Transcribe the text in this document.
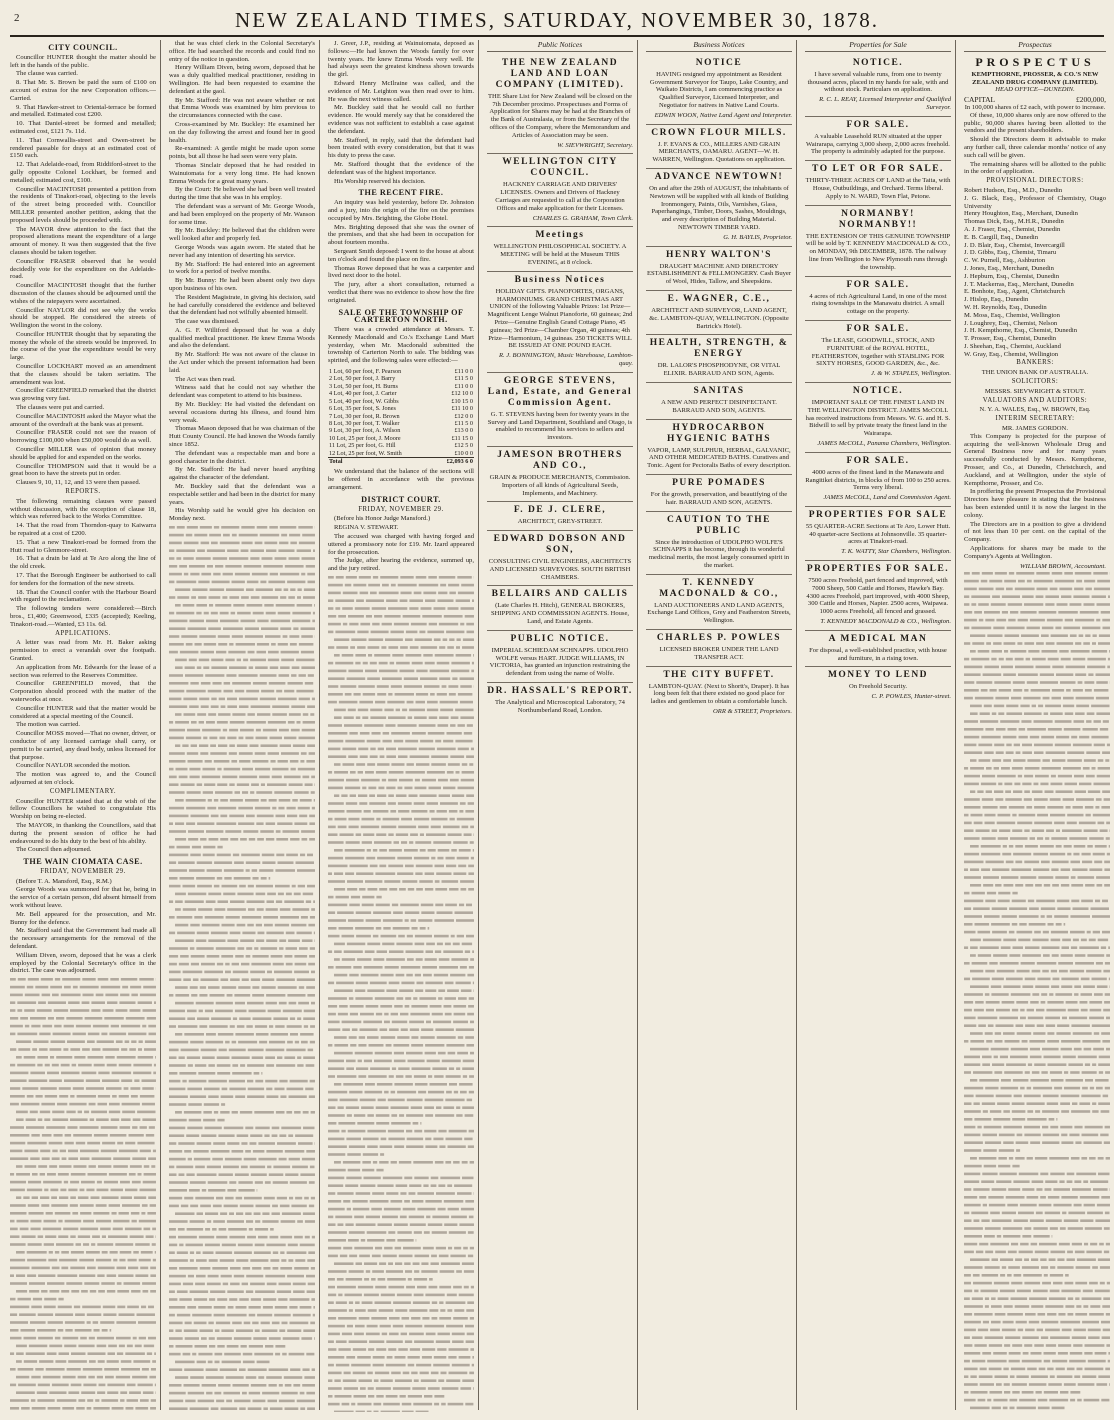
2	NEW ZEALAND TIMES, SATURDAY, NOVEMBER 30, 1878.
CITY COUNCIL.

Councillor HUNTER thought the matter should be left in the hands of the public.

The clause was carried.

8. That Mr. S. Brown be paid the sum of £100 on account of extras for the new Corporation offices.—Carried.

9. That Hawker-street to Oriental-terrace be formed and metalled. Estimated cost £200.

10. That Daniel-street be formed and metalled; estimated cost, £121 7s. 11d.

11. That Cornwallis-street and Owen-street be rendered passable for drays at an estimated cost of £150 each.

12. That Adelaide-road, from Riddiford-street to the gully opposite Colonel Lockhart, be formed and metalled; estimated cost, £100.

Councillor MACINTOSH presented a petition from the residents of Tinakori-road, objecting to the levels of the street being proceeded with. Councillor MILLER presented another petition, asking that the proposed levels should be proceeded with.

The MAYOR drew attention to the fact that the proposed alterations meant the expenditure of a large amount of money. It was then suggested that the five clauses should be taken together.

Councillor FRASER observed that he would decidedly vote for the expenditure on the Adelaide-road.

Councillor MACINTOSH thought that the further discussion of the clauses should be adjourned until the wishes of the ratepayers were ascertained.

Councillor NAYLOR did not see why the works should be stopped. He considered the streets of Wellington the worst in the colony.

Councillor HUNTER thought that by separating the money the whole of the streets would be improved. In the course of the year the expenditure would be very large.

Councillor LOCKHART moved as an amendment that the clauses should be taken seriatim. The amendment was lost.

Councillor GREENFIELD remarked that the district was growing very fast.

The clauses were put and carried.

Councillor MACINTOSH asked the Mayor what the amount of the overdraft at the bank was at present.

Councillor FRASER could not see the reason of borrowing £100,000 when £50,000 would do as well.

Councillor MILLER was of opinion that money should be applied for and expended on the works.

Councillor THOMPSON said that it would be a great boon to have the streets put in order.

Clauses 9, 10, 11, 12, and 13 were then passed.

REPORTS.

The following remaining clauses were passed without discussion, with the exception of clause 18, which was referred back to the Works Committee.

14. That the road from Thorndon-quay to Kaiwarra be repaired at a cost of £200.

15. That a new Tinakori-road be formed from the Hutt road to Glenmore-street.

16. That a drain be laid at Te Aro along the line of the old creek.

17. That the Borough Engineer be authorised to call for tenders for the formation of the new streets.

18. That the Council confer with the Harbour Board with regard to the reclamation.

The following tenders were considered:—Birch bros., £1,400; Greenwood, £335 (accepted); Keeling, Tinakori-road.—Wanted, £3 11s. 6d.

APPLICATIONS.

A letter was read from Mr. H. Baker asking permission to erect a verandah over the footpath. Granted.

An application from Mr. Edwards for the lease of a section was referred to the Reserves Committee.

Councillor GREENFIELD moved, that the Corporation should proceed with the matter of the waterworks at once.

Councillor HUNTER said that the matter would be considered at a special meeting of the Council.

The motion was carried.

Councillor MOSS moved—That no owner, driver, or conductor of any licensed carriage shall carry, or permit to be carried, any dead body, unless licensed for that purpose.

Councillor NAYLOR seconded the motion.

The motion was agreed to, and the Council adjourned at ten o'clock.

COMPLIMENTARY.

Councillor HUNTER stated that at the wish of the fellow Councillors he wished to congratulate His Worship on being re-elected.

The MAYOR, in thanking the Councillors, said that during the present session of office he had endeavoured to do his duty to the best of his ability.

The Council then adjourned.

THE WAIN CIOMATA CASE.
FRIDAY, NOVEMBER 29.

(Before T. A. Mansford, Esq., R.M.)

George Woods was summoned for that he, being in the service of a certain person, did absent himself from work without leave.

Mr. Bell appeared for the prosecution, and Mr. Bunny for the defence.

Mr. Stafford said that the Government had made all the necessary arrangements for the removal of the defendant.

William Diven, sworn, deposed that he was a clerk employed by the Colonial Secretary's office in the district. The case was adjourned.

that he was chief clerk in the Colonial Secretary's office. He had searched the records and could find no entry of the notice in question.

Henry William Diven, being sworn, deposed that he was a duly qualified medical practitioner, residing in Wellington. He had been requested to examine the defendant at the gaol.

By Mr. Stafford: He was not aware whether or not that Emma Woods was examined by him previous to the circumstances connected with the case.

Cross-examined by Mr. Buckley: He examined her on the day following the arrest and found her in good health.

Re-examined: A gentle might be made upon some points, but all those he had seen were very plain.

Thomas Sinclair deposed that he had resided in Wainuiomata for a very long time. He had known Emma Woods for a great many years.

By the Court: He believed she had been well treated during the time that she was in his employ.

The defendant was a servant of Mr. George Woods, and had been employed on the property of Mr. Wanson for some time.

By Mr. Buckley: He believed that the children were well looked after and properly fed.

George Woods was again sworn. He stated that he never had any intention of deserting his service.

By Mr. Stafford: He had entered into an agreement to work for a period of twelve months.

By Mr. Bunny: He had been absent only two days upon business of his own.

The Resident Magistrate, in giving his decision, said he had carefully considered the evidence and believed that the defendant had not wilfully absented himself.

The case was dismissed.

A. G. F. Williford deposed that he was a duly qualified medical practitioner. He knew Emma Woods and also the defendant.

By Mr. Stafford: He was not aware of the clause in the Act under which the present information had been laid.

The Act was then read.

Witness said that he could not say whether the defendant was competent to attend to his business.

By Mr. Buckley: He had visited the defendant on several occasions during his illness, and found him very weak.

Thomas Mason deposed that he was chairman of the Hutt County Council. He had known the Woods family since 1852.

The defendant was a respectable man and bore a good character in the district.

By Mr. Stafford: He had never heard anything against the character of the defendant.

Mr. Buckley said that the defendant was a respectable settler and had been in the district for many years.

His Worship said he would give his decision on Monday next.

J. Greer, J.P., residing at Wainuiomata, deposed as follows:—He had known the Woods family for over twenty years. He knew Emma Woods very well. He had always seen the greatest kindness shown towards the girl.

Edward Henry McIlraine was called, and the evidence of Mr. Leighton was then read over to him. He was the next witness called.

Mr. Buckley said that he would call no further evidence. He would merely say that he considered the evidence was not sufficient to establish a case against the defendant.

Mr. Stafford, in reply, said that the defendant had been treated with every consideration, but that it was his duty to press the case.

Mr. Stafford thought that the evidence of the defendant was of the highest importance.

His Worship reserved his decision.

THE RECENT FIRE.

An inquiry was held yesterday, before Dr. Johnston and a jury, into the origin of the fire on the premises occupied by Mrs. Brighting, the Globe Hotel.

Mrs. Brighting deposed that she was the owner of the premises, and that she had been in occupation for about fourteen months.

Sergeant Smith deposed: I went to the house at about ten o'clock and found the place on fire.

Thomas Rowe deposed that he was a carpenter and lived next door to the hotel.

The jury, after a short consultation, returned a verdict that there was no evidence to show how the fire originated.

SALE OF THE TOWNSHIP OF CARTERTON NORTH.

There was a crowded attendance at Messrs. T. Kennedy Macdonald and Co.'s Exchange Land Mart yesterday, when Mr. Macdonald submitted the township of Carterton North to sale. The bidding was spirited, and the following sales were effected:—

1 Lot, 60 per foot, F. Pearson	£11 0 0
2 Lot, 50 per foot, J. Barry	£11 5 0
3 Lot, 50 per foot, H. Burns	£11 0 0
4 Lot, 40 per foot, J. Carter	£12 10 0
5 Lot, 40 per foot, W. Gibbs	£10 15 0
6 Lot, 35 per foot, S. Jones	£11 10 0
7 Lot, 30 per foot, R. Brown	£12 0 0
8 Lot, 30 per foot, T. Walker	£11 5 0
9 Lot, 30 per foot, A. Wilson	£13 0 0
10 Lot, 25 per foot, J. Moore	£11 15 0
11 Lot, 25 per foot, G. Hill	£12 5 0
12 Lot, 25 per foot, W. Smith	£10 0 0
Total	£2,093 6 0

We understand that the balance of the sections will be offered in accordance with the previous arrangement.

DISTRICT COURT.
FRIDAY, NOVEMBER 29.

(Before his Honor Judge Mansford.)

REGINA V. STEWART.

The accused was charged with having forged and uttered a promissory note for £19. Mr. Izard appeared for the prosecution.

The Judge, after hearing the evidence, summed up, and the jury retired.

Public Notices
THE NEW ZEALAND LAND AND LOAN COMPANY (LIMITED).
THE Share List for New Zealand will be closed on the 7th December proximo. Prospectuses and Forms of Application for Shares may be had at the Branches of the Bank of Australasia, or from the Secretary of the offices of the Company, where the Memorandum and Articles of Association may be seen.
W. SIEVWRIGHT, Secretary.
WELLINGTON CITY COUNCIL.
HACKNEY CARRIAGE AND DRIVERS' LICENSES. Owners and Drivers of Hackney Carriages are requested to call at the Corporation Offices and make application for their Licenses.
CHARLES G. GRAHAM, Town Clerk.
Meetings
WELLINGTON PHILOSOPHICAL SOCIETY. A MEETING will be held at the Museum THIS EVENING, at 8 o'clock.
Business Notices
HOLIDAY GIFTS. PIANOFORTES, ORGANS, HARMONIUMS. GRAND CHRISTMAS ART UNION of the following Valuable Prizes: 1st Prize—Magnificent Lenge Walnut Pianoforte, 60 guineas; 2nd Prize—Genuine English Grand Cottage Piano, 45 guineas; 3rd Prize—Chamber Organ, 40 guineas; 4th Prize—Harmonium, 14 guineas. 250 TICKETS WILL BE ISSUED AT ONE POUND EACH.
R. J. BONNINGTON, Music Warehouse, Lambton-quay.
GEORGE STEVENS, Land, Estate, and General Commission Agent.
G. T. STEVENS having been for twenty years in the Survey and Land Department, Southland and Otago, is enabled to recommend his services to sellers and investors.
JAMESON BROTHERS AND CO.,
GRAIN & PRODUCE MERCHANTS, Commission. Importers of all kinds of Agricultural Seeds, Implements, and Machinery.
F. DE J. CLERE,
ARCHITECT, GREY-STREET.
EDWARD DOBSON AND SON,
CONSULTING CIVIL ENGINEERS, ARCHITECTS AND LICENSED SURVEYORS. SOUTH BRITISH CHAMBERS.
BELLAIRS AND CALLIS
(Late Charles H. Hitch), GENERAL BROKERS, SHIPPING AND COMMISSION AGENTS. House, Land, and Estate Agents.
PUBLIC NOTICE.
IMPERIAL SCHIEDAM SCHNAPPS. UDOLPHO WOLFE versus HART. JUDGE WILLIAMS, IN VICTORIA, has granted an injunction restraining the defendant from using the name of Wolfe.
DR. HASSALL'S REPORT.
The Analytical and Microscopical Laboratory, 74 Northumberland Road, London.
Business Notices
NOTICE
HAVING resigned my appointment as Resident Government Surveyor for Taupo, Lake Country, and Waikato Districts, I am commencing practice as Qualified Surveyor, Licensed Interpreter, and Negotiator for natives in Native Land Courts.
EDWIN WOON, Native Land Agent and Interpreter.
CROWN FLOUR MILLS.
J. F. EVANS & CO., MILLERS AND GRAIN MERCHANTS, OAMARU. AGENT—W. H. WARREN, Wellington. Quotations on application.
ADVANCE NEWTOWN!
On and after the 29th of AUGUST, the inhabitants of Newtown will be supplied with all kinds of Building Ironmongery, Paints, Oils, Varnishes, Glass, Paperhangings, Timber, Doors, Sashes, Mouldings, and every description of Building Material. NEWTOWN TIMBER YARD.
G. H. BAYLIS, Proprietor.
HENRY WALTON'S
DRAUGHT MACHINE AND DIRECTORY ESTABLISHMENT & FELLMONGERY. Cash Buyer of Wool, Hides, Tallow, and Sheepskins.
E. WAGNER, C.E.,
ARCHITECT AND SURVEYOR, LAND AGENT, &c. LAMBTON-QUAY, WELLINGTON. (Opposite Bartrick's Hotel).
HEALTH, STRENGTH, & ENERGY
DR. LALOR'S PHOSPHODYNE, OR VITAL ELIXIR. BARRAUD AND SON, Agents.
SANITAS
A NEW AND PERFECT DISINFECTANT. BARRAUD AND SON, AGENTS.
HYDROCARBON HYGIENIC BATHS
VAPOR, LAMP, SULPHUR, HERBAL, GALVANIC, AND OTHER MEDICATED BATHS. Curatives and Tonic. Agent for Pectoralis Baths of every description.
PURE POMADES
For the growth, preservation, and beautifying of the hair. BARRAUD AND SON, AGENTS.
CAUTION TO THE PUBLIC
Since the introduction of UDOLPHO WOLFE'S SCHNAPPS it has become, through its wonderful medicinal merits, the most largely consumed spirit in the market.
T. KENNEDY MACDONALD & CO.,
LAND AUCTIONEERS AND LAND AGENTS, Exchange Land Offices, Grey and Featherston Streets, Wellington.
CHARLES P. POWLES
LICENSED BROKER UNDER THE LAND TRANSFER ACT.
THE CITY BUFFET.
LAMBTON-QUAY. (Next to Shortt's, Draper). It has long been felt that there existed no good place for ladies and gentlemen to obtain a comfortable lunch.
ORR & STREET, Proprietors.
Properties for Sale
NOTICE.
I have several valuable runs, from one to twenty thousand acres, placed in my hands for sale, with and without stock. Particulars on application.
R. C. L. REAY, Licensed Interpreter and Qualified Surveyor.
FOR SALE.
A valuable Leasehold RUN situated at the upper Wairarapa, carrying 3,000 sheep, 2,000 acres freehold. The property is admirably adapted for the purpose.
TO LET OR FOR SALE.
THIRTY-THREE ACRES OF LAND at the Taita, with House, Outbuildings, and Orchard. Terms liberal. Apply to N. WARD, Town Flat, Petone.
NORMANBY! NORMANBY!!
THE EXTENSION OF THIS GENUINE TOWNSHIP will be sold by T. KENNEDY MACDONALD & CO., on MONDAY, 9th DECEMBER, 1878. The railway line from Wellington to New Plymouth runs through the township.
FOR SALE.
4 acres of rich Agricultural Land, in one of the most rising townships in the Manawatu district. A small cottage on the property.
FOR SALE.
The LEASE, GOODWILL, STOCK, AND FURNITURE of the ROYAL HOTEL, FEATHERSTON, together with STABLING FOR SIXTY HORSES, GOOD GARDEN, &c., &c.
J. & W. STAPLES, Wellington.
NOTICE.
IMPORTANT SALE OF THE FINEST LAND IN THE WELLINGTON DISTRICT. JAMES McCOLL has received instructions from Messrs. W. G. and H. S. Bidwill to sell by private treaty the finest land in the Wairarapa.
JAMES McCOLL, Panama Chambers, Wellington.
FOR SALE.
4000 acres of the finest land in the Manawatu and Rangitikei districts, in blocks of from 100 to 250 acres. Terms very liberal.
JAMES McCOLL, Land and Commission Agent.
PROPERTIES FOR SALE
55 QUARTER-ACRE Sections at Te Aro, Lower Hutt. 40 quarter-acre Sections at Johnsonville. 35 quarter-acres at Tinakori-road.
T. K. WATTY, Star Chambers, Wellington.
PROPERTIES FOR SALE.
7500 acres Freehold, part fenced and improved, with 7000 Sheep, 500 Cattle and Horses, Hawke's Bay. 4300 acres Freehold, part improved, with 4000 Sheep, 300 Cattle and Horses, Napier. 2500 acres, Waipawa. 1000 acres Freehold, all fenced and grassed.
T. KENNEDY MACDONALD & CO., Wellington.
A MEDICAL MAN
For disposal, a well-established practice, with house and furniture, in a rising town.
MONEY TO LEND
On Freehold Security.
C. P. POWLES, Hunter-street.
Prospectus
PROSPECTUS
KEMPTHORNE, PROSSER, & CO.'S NEW ZEALAND DRUG COMPANY (LIMITED).
HEAD OFFICE—DUNEDIN.
CAPITAL	£200,000,
In 100,000 shares of £2 each, with power to increase.

Of these, 10,000 shares only are now offered to the public, 90,000 shares having been allotted to the vendors and the present shareholders.

Should the Directors deem it advisable to make any further call, three calendar months' notice of any such call will be given.

The remaining shares will be allotted to the public in the order of application.

PROVISIONAL DIRECTORS:
Robert Hudson, Esq., M.D., Dunedin
J. G. Black, Esq., Professor of Chemistry, Otago University
Henry Houghton, Esq., Merchant, Dunedin
Thomas Dick, Esq., M.H.R., Dunedin
A. J. Fraser, Esq., Chemist, Dunedin
E. B. Cargill, Esq., Dunedin
J. D. Blair, Esq., Chemist, Invercargill
J. D. Gibbs, Esq., Chemist, Timaru
C. W. Purnell, Esq., Ashburton
J. Jones, Esq., Merchant, Dunedin
J. Hepburn, Esq., Chemist, Dunedin
J. T. Mackerras, Esq., Merchant, Dunedin
E. Bonhote, Esq., Agent, Christchurch
J. Hislop, Esq., Dunedin
W. H. Reynolds, Esq., Dunedin
M. Moss, Esq., Chemist, Wellington
J. Loughrey, Esq., Chemist, Nelson
J. H. Kempthorne, Esq., Chemist, Dunedin
T. Prosser, Esq., Chemist, Dunedin
J. Sheehan, Esq., Chemist, Auckland
W. Gray, Esq., Chemist, Wellington
BANKERS:
THE UNION BANK OF AUSTRALIA.
SOLICITORS:
MESSRS. SIEVWRIGHT & STOUT.
VALUATORS AND AUDITORS:
N. Y. A. WALES, Esq., W. BROWN, Esq.
INTERIM SECRETARY:
MR. JAMES GORDON.

This Company is projected for the purpose of acquiring the well-known Wholesale Drug and General Business now and for many years successfully conducted by Messrs. Kempthorne, Prosser, and Co., at Dunedin, Christchurch, and Auckland, and at Wellington, under the style of Kempthorne, Prosser, and Co.

In proffering the present Prospectus the Provisional Directors have pleasure in stating that the business has been extended until it is now the largest in the colony.

The Directors are in a position to give a dividend of not less than 10 per cent. on the capital of the Company.

Applications for shares may be made to the Company's Agents at Wellington.

WILLIAM BROWN, Accountant.
